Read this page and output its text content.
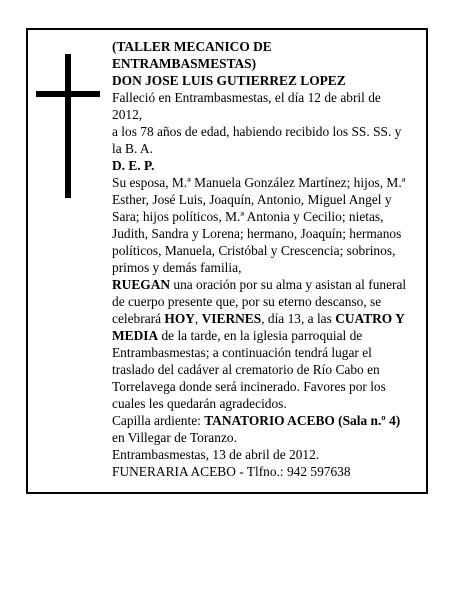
(TALLER MECANICO DE

ENTRAMBASMESTAS)

DON JOSE LUIS GUTIERREZ LOPEZ

Falleció en Entrambasmestas, el día 12 de abril de 2012,

a los 78 años de edad, habiendo recibido los SS. SS. y la B. A.

D. E. P.

Su esposa, M.ª Manuela González Martínez; hijos, M.ª Esther, José Luis, Joaquín, Antonio, Miguel Angel y Sara; hijos políticos, M.ª Antonia y Cecilio; nietas, Judith, Sandra y Lorena; hermano, Joaquín; hermanos políticos, Manuela, Cristóbal y Crescencia; sobrinos, primos y demás familia,

RUEGAN una oración por su alma y asistan al funeral de cuerpo presente que, por su eterno descanso, se celebrará HOY, VIERNES, día 13, a las CUATRO Y MEDIA de la tarde, en la iglesia parroquial de Entrambasmestas; a continuación tendrá lugar el traslado del cadáver al crematorio de Río Cabo en Torrelavega donde será incinerado. Favores por los cuales les quedarán agradecidos.

Capilla ardiente: TANATORIO ACEBO (Sala n.º 4) en Villegar de Toranzo.

Entrambasmestas, 13 de abril de 2012.

FUNERARIA ACEBO - Tlfno.: 942 597638
